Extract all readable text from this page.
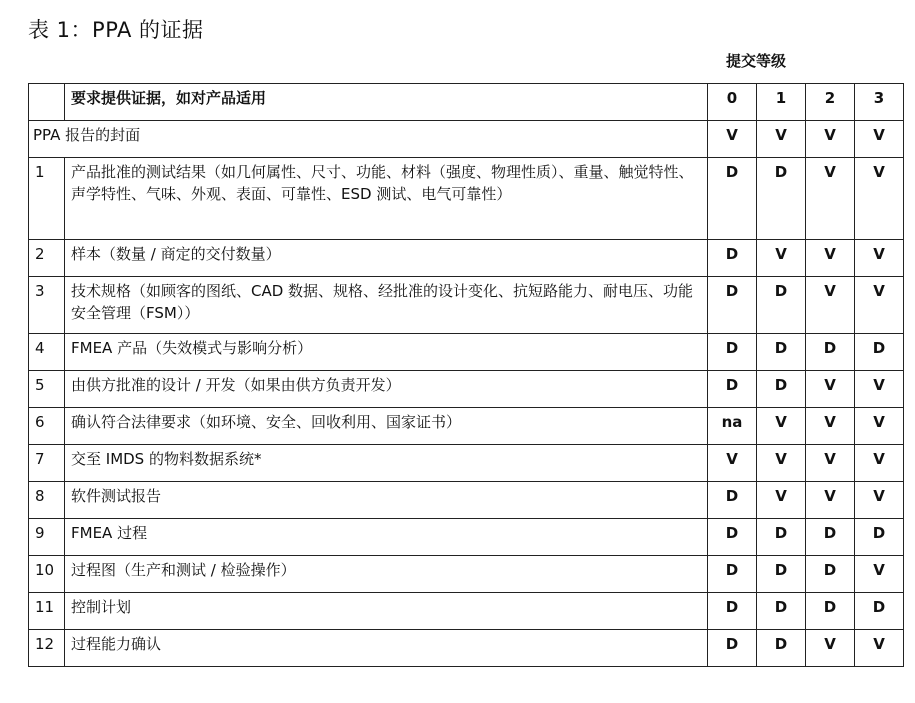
表 1：PPA 的证据
提交等级
	要求提供证据，如对产品适用	0	1	2	3
PPA 报告的封面		V	V	V	V
1	产品批准的测试结果（如几何属性、尺寸、功能、材料（强度、物理性质）、重量、触觉特性、声学特性、气味、外观、表面、可靠性、ESD 测试、电气可靠性）	D	D	V	V
2	样本（数量 / 商定的交付数量）	D	V	V	V
3	技术规格（如顾客的图纸、CAD 数据、规格、经批准的设计变化、抗短路能力、耐电压、功能安全管理（FSM））	D	D	V	V
4	FMEA 产品（失效模式与影响分析）	D	D	D	D
5	由供方批准的设计 / 开发（如果由供方负责开发）	D	D	V	V
6	确认符合法律要求（如环境、安全、回收利用、国家证书）	na	V	V	V
7	交至 IMDS 的物料数据系统*	V	V	V	V
8	软件测试报告	D	V	V	V
9	FMEA 过程	D	D	D	D
10	过程图（生产和测试 / 检验操作）	D	D	D	V
11	控制计划	D	D	D	D
12	过程能力确认	D	D	V	V
